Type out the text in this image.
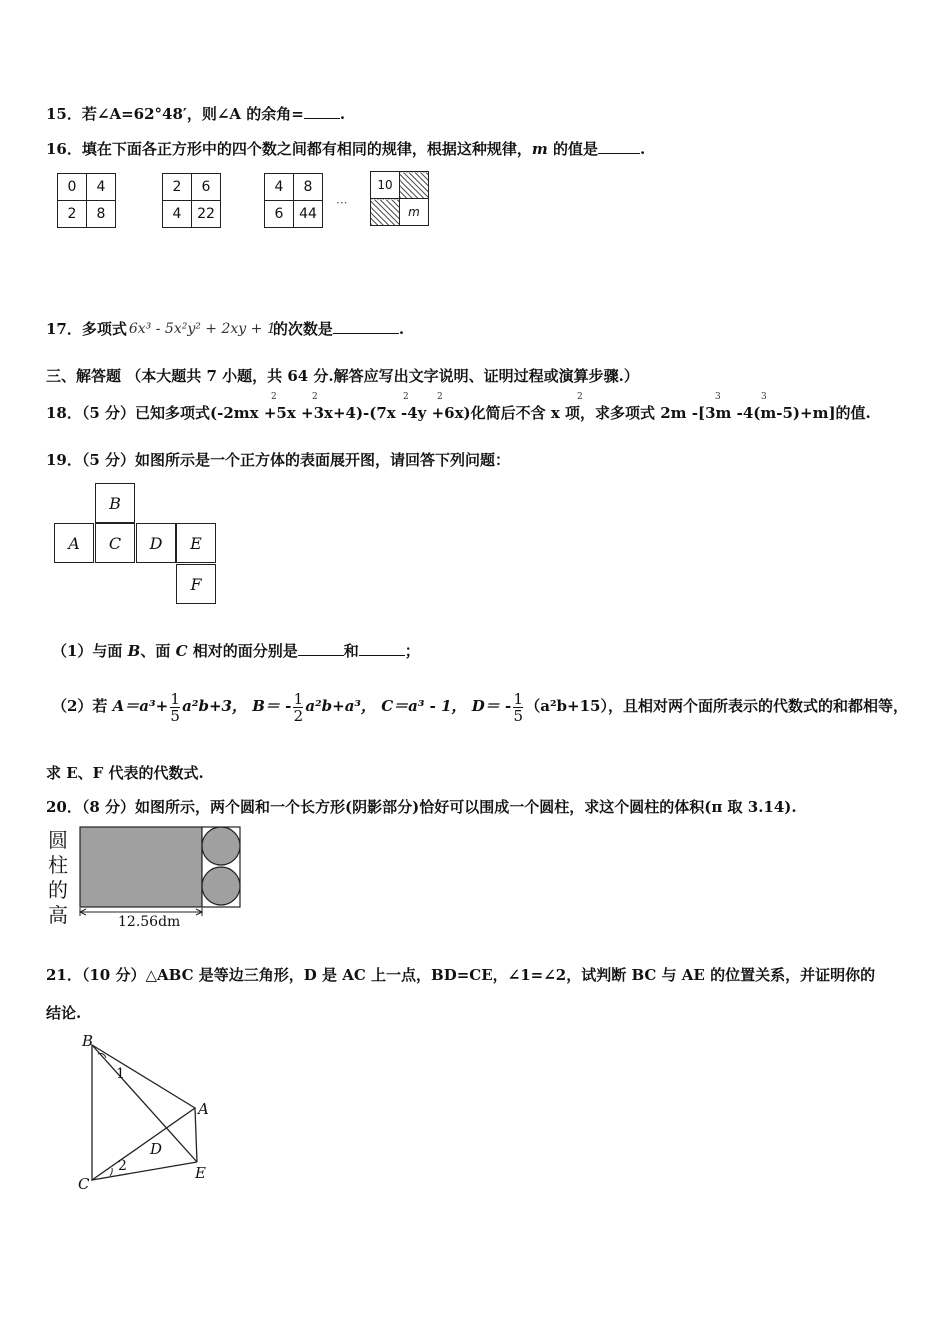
15．若∠A=62°48′，则∠A 的余角= .
16．填在下面各正方形中的四个数之间都有相同的规律，根据这种规律，m 的值是	.
0	4
2	8
2	6
4	22
4	8
6	44
···
10	
	m
17．多项式 6x³ - 5x²y² + 2xy + 1
的次数是	.
三、解答题 （本大题共 7 小题，共 64 分.解答应写出文字说明、证明过程或演算步骤.）
18．（5 分）已知多项式(-2mx +5x +3x+4)-(7x -4y +6x)化简后不含 x 项，求多项式 2m -[3m -4(m-5)+m]的值.
2	2	2	2	2	3	3
19．（5 分）如图所示是一个正方体的表面展开图，请回答下列问题：
B
A	C	D	E
F
（1）与面 B、面 C 相对的面分别是	和	；
（2）若 $A=a^3+ \frac{1}{5} a^2b+3$， $B= - \frac{1}{2} a^2b+a^3$， C＝a³ - 1， $D= - \frac{1}{5} (a^2b+15)$，且相对两个面所表示的代数式的和都相等，
求 E、F 代表的代数式.
20．（8 分）如图所示，两个圆和一个长方形(阴影部分)恰好可以围成一个圆柱，求这个圆柱的体积(π 取 3.14).
圆
柱
的
高	12.56dm
21．（10 分）△ABC 是等边三角形，D 是 AC 上一点，BD=CE，∠1=∠2，试判断 BC 与 AE 的位置关系，并证明你的
结论.
B
A
C
D
E
1
2
